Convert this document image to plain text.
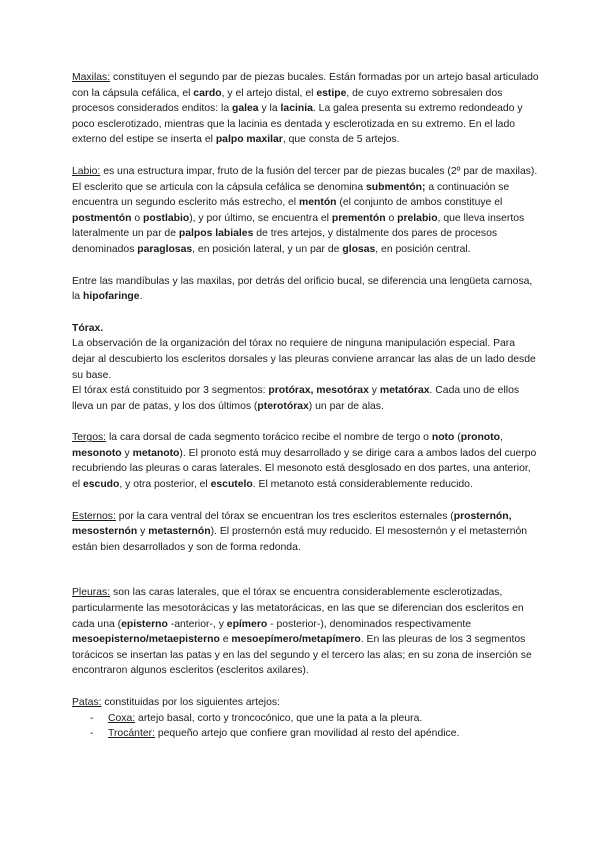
Maxilas: constituyen el segundo par de piezas bucales. Están formadas por un artejo basal articulado con la cápsula cefálica, el cardo, y el artejo distal, el estipe, de cuyo extremo sobresalen dos procesos considerados enditos: la galea y la lacinia. La galea presenta su extremo redondeado y poco esclerotizado, mientras que la lacinia es dentada y esclerotizada en su extremo. En el lado externo del estipe se inserta el palpo maxilar, que consta de 5 artejos.

Labio: es una estructura impar, fruto de la fusión del tercer par de piezas bucales (2º par de maxilas). El esclerito que se articula con la cápsula cefálica se denomina submentón; a continuación se encuentra un segundo esclerito más estrecho, el mentón (el conjunto de ambos constituye el postmentón o postlabio), y por último, se encuentra el prementón o prelabio, que lleva insertos lateralmente un par de palpos labiales de tres artejos, y distalmente dos pares de procesos denominados paraglosas, en posición lateral, y un par de glosas, en posición central.

Entre las mandíbulas y las maxilas, por detrás del orificio bucal, se diferencia una lengüeta carnosa, la hipofaringe.

Tórax.

La observación de la organización del tórax no requiere de ninguna manipulación especial. Para dejar al descubierto los escleritos dorsales y las pleuras conviene arrancar las alas de un lado desde su base.

El tórax está constituido por 3 segmentos: protórax, mesotórax y metatórax. Cada uno de ellos lleva un par de patas, y los dos últimos (pterotórax) un par de alas.

Tergos: la cara dorsal de cada segmento torácico recibe el nombre de tergo o noto (pronoto, mesonoto y metanoto). El pronoto está muy desarrollado y se dirige cara a ambos lados del cuerpo recubriendo las pleuras o caras laterales. El mesonoto está desglosado en dos partes, una anterior, el escudo, y otra posterior, el escutelo. El metanoto está considerablemente reducido.

Esternos: por la cara ventral del tórax se encuentran los tres escleritos esternales (prosternón, mesosternón y metasternón). El prosternón está muy reducido. El mesosternón y el metasternón están bien desarrollados y son de forma redonda.

Pleuras: son las caras laterales, que el tórax se encuentra considerablemente esclerotizadas, particularmente las mesotorácicas y las metatorácicas, en las que se diferencian dos escleritos en cada una (episterno -anterior-, y epímero - posterior-), denominados respectivamente mesoepisterno/metaepisterno e mesoepímero/metapímero. En las pleuras de los 3 segmentos torácicos se insertan las patas y en las del segundo y el tercero las alas; en su zona de inserción se encontraron algunos escleritos (escleritos axilares).

Patas: constituidas por los siguientes artejos:

- Coxa: artejo basal, corto y troncocónico, que une la pata a la pleura.
- Trocánter: pequeño artejo que confiere gran movilidad al resto del apéndice.
